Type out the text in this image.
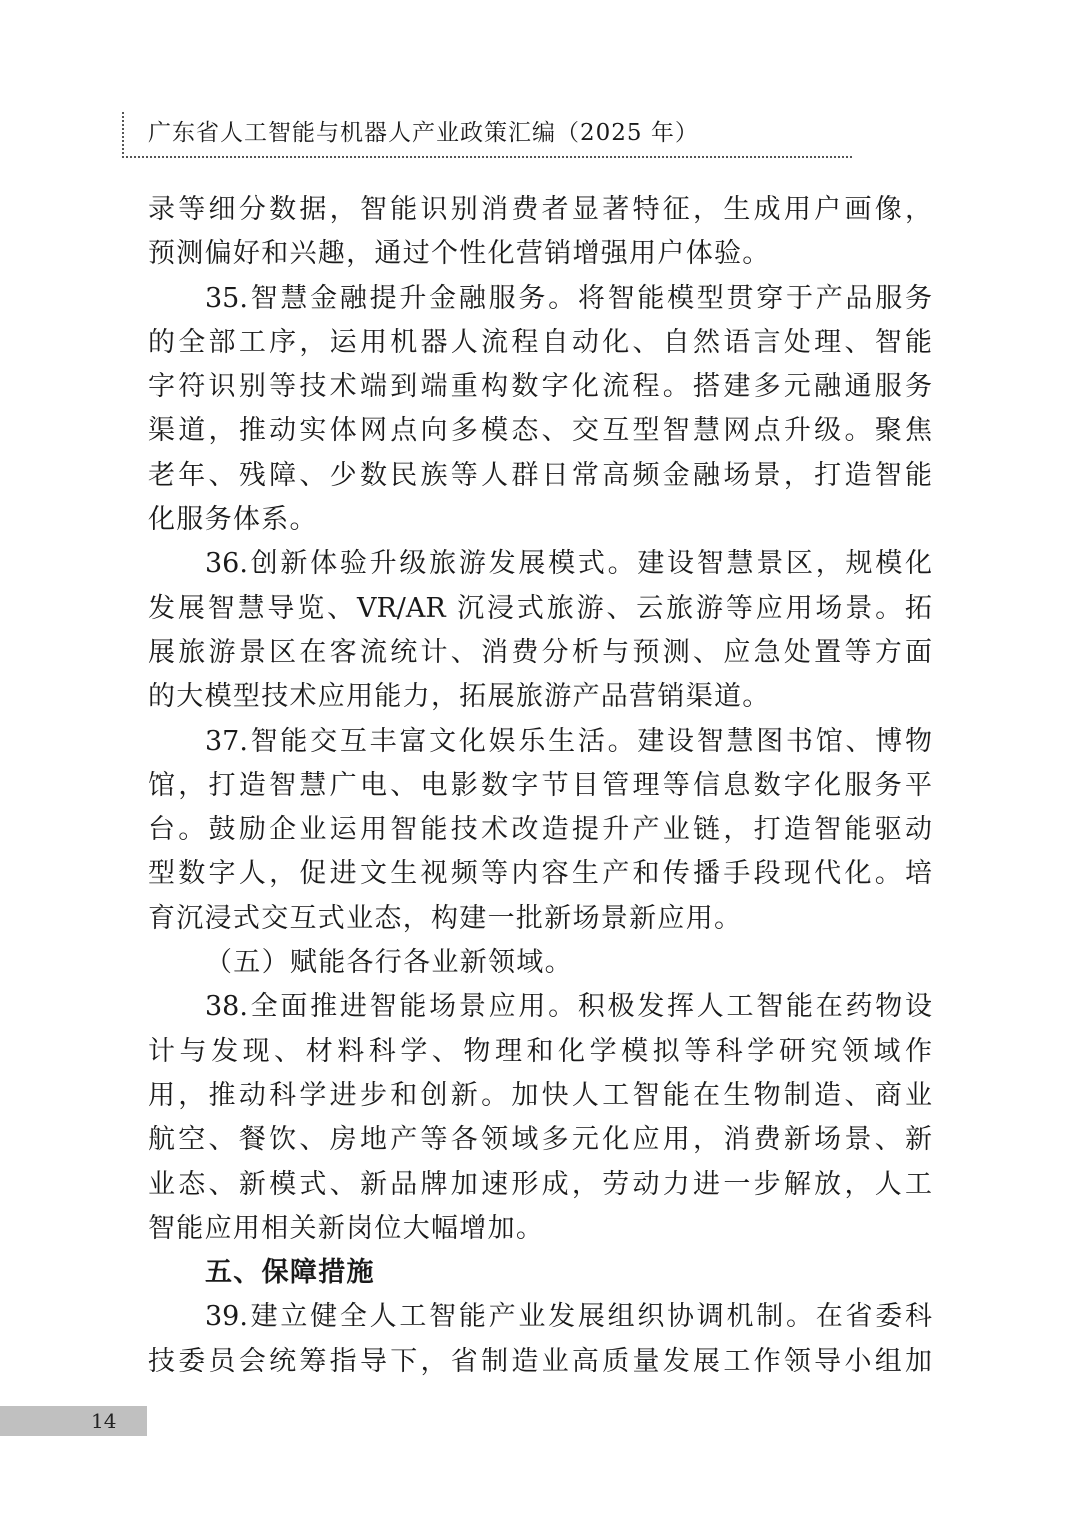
广东省人工智能与机器人产业政策汇编（2025 年）
录等细分数据，智能识别消费者显著特征，生成用户画像，
预测偏好和兴趣，通过个性化营销增强用户体验。
35.智慧金融提升金融服务。将智能模型贯穿于产品服务
的全部工序，运用机器人流程自动化、自然语言处理、智能
字符识别等技术端到端重构数字化流程。搭建多元融通服务
渠道，推动实体网点向多模态、交互型智慧网点升级。聚焦
老年、残障、少数民族等人群日常高频金融场景，打造智能
化服务体系。
36.创新体验升级旅游发展模式。建设智慧景区，规模化
发展智慧导览、VR/AR 沉浸式旅游、云旅游等应用场景。拓
展旅游景区在客流统计、消费分析与预测、应急处置等方面
的大模型技术应用能力，拓展旅游产品营销渠道。
37.智能交互丰富文化娱乐生活。建设智慧图书馆、博物
馆，打造智慧广电、电影数字节目管理等信息数字化服务平
台。鼓励企业运用智能技术改造提升产业链，打造智能驱动
型数字人，促进文生视频等内容生产和传播手段现代化。培
育沉浸式交互式业态，构建一批新场景新应用。
（五）赋能各行各业新领域。
38.全面推进智能场景应用。积极发挥人工智能在药物设
计与发现、材料科学、物理和化学模拟等科学研究领域作
用，推动科学进步和创新。加快人工智能在生物制造、商业
航空、餐饮、房地产等各领域多元化应用，消费新场景、新
业态、新模式、新品牌加速形成，劳动力进一步解放，人工
智能应用相关新岗位大幅增加。
五、保障措施
39.建立健全人工智能产业发展组织协调机制。在省委科
技委员会统筹指导下，省制造业高质量发展工作领导小组加
14
